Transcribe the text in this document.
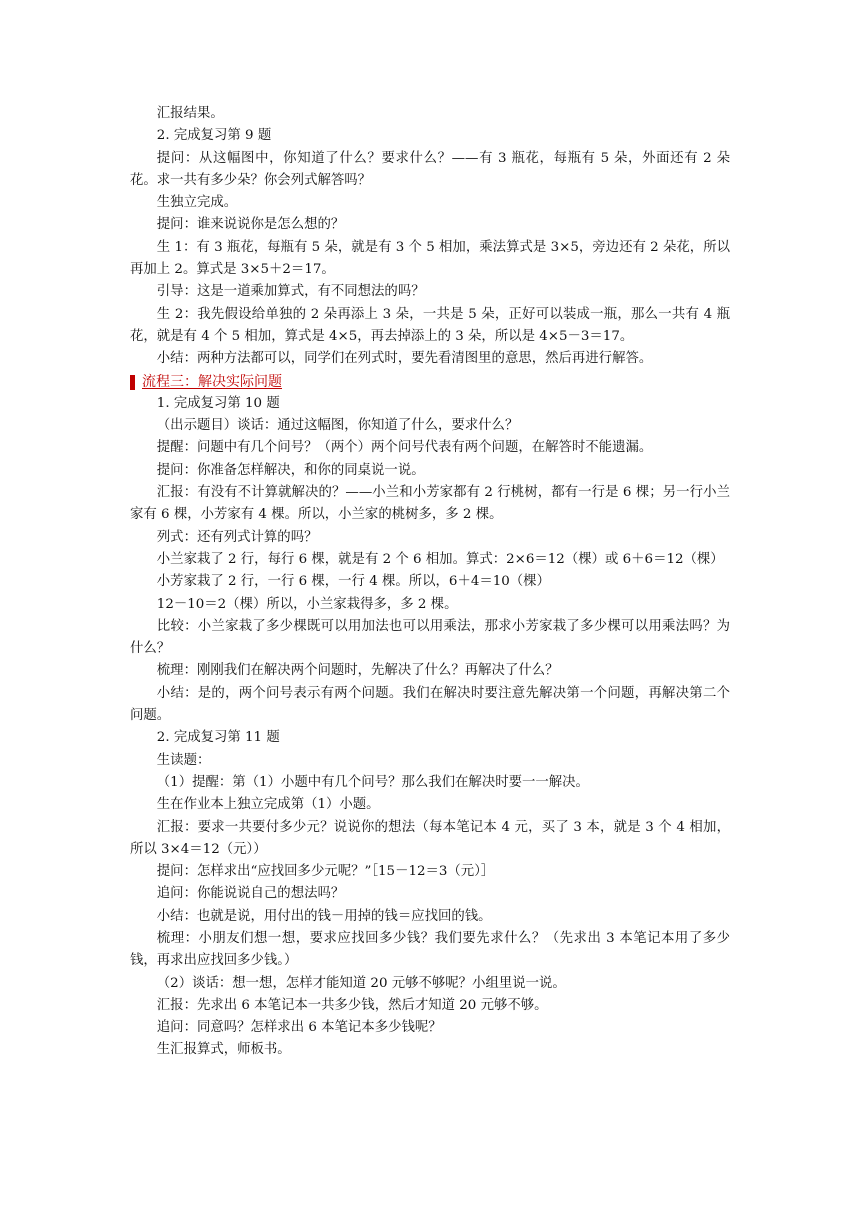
汇报结果。

2. 完成复习第 9 题

提问：从这幅图中，你知道了什么？要求什么？——有 3 瓶花，每瓶有 5 朵，外面还有 2 朵花。求一共有多少朵？你会列式解答吗？

生独立完成。

提问：谁来说说你是怎么想的？

生 1：有 3 瓶花，每瓶有 5 朵，就是有 3 个 5 相加，乘法算式是 3×5，旁边还有 2 朵花，所以再加上 2。算式是 3×5＋2＝17。

引导：这是一道乘加算式，有不同想法的吗？

生 2：我先假设给单独的 2 朵再添上 3 朵，一共是 5 朵，正好可以装成一瓶，那么一共有 4 瓶花，就是有 4 个 5 相加，算式是 4×5，再去掉添上的 3 朵，所以是 4×5－3＝17。

小结：两种方法都可以，同学们在列式时，要先看清图里的意思，然后再进行解答。

流程三：解决实际问题

1. 完成复习第 10 题

（出示题目）谈话：通过这幅图，你知道了什么，要求什么？

提醒：问题中有几个问号？（两个）两个问号代表有两个问题，在解答时不能遗漏。

提问：你准备怎样解决，和你的同桌说一说。

汇报：有没有不计算就解决的？——小兰和小芳家都有 2 行桃树，都有一行是 6 棵；另一行小兰家有 6 棵，小芳家有 4 棵。所以，小兰家的桃树多，多 2 棵。

列式：还有列式计算的吗？

小兰家栽了 2 行，每行 6 棵，就是有 2 个 6 相加。算式：2×6＝12（棵）或 6＋6＝12（棵）

小芳家栽了 2 行，一行 6 棵，一行 4 棵。所以，6＋4＝10（棵）

12－10＝2（棵）所以，小兰家栽得多，多 2 棵。

比较：小兰家栽了多少棵既可以用加法也可以用乘法，那求小芳家栽了多少棵可以用乘法吗？为什么？

梳理：刚刚我们在解决两个问题时，先解决了什么？再解决了什么？

小结：是的，两个问号表示有两个问题。我们在解决时要注意先解决第一个问题，再解决第二个问题。

2. 完成复习第 11 题

生读题：

（1）提醒：第（1）小题中有几个问号？那么我们在解决时要一一解决。

生在作业本上独立完成第（1）小题。

汇报：要求一共要付多少元？说说你的想法（每本笔记本 4 元，买了 3 本，就是 3 个 4 相加，所以 3×4＝12（元））

提问：怎样求出“应找回多少元呢？”［15－12＝3（元）］

追问：你能说说自己的想法吗？

小结：也就是说，用付出的钱－用掉的钱＝应找回的钱。

梳理：小朋友们想一想，要求应找回多少钱？我们要先求什么？（先求出 3 本笔记本用了多少钱，再求出应找回多少钱。）

（2）谈话：想一想，怎样才能知道 20 元够不够呢？小组里说一说。

汇报：先求出 6 本笔记本一共多少钱，然后才知道 20 元够不够。

追问：同意吗？怎样求出 6 本笔记本多少钱呢？

生汇报算式，师板书。
